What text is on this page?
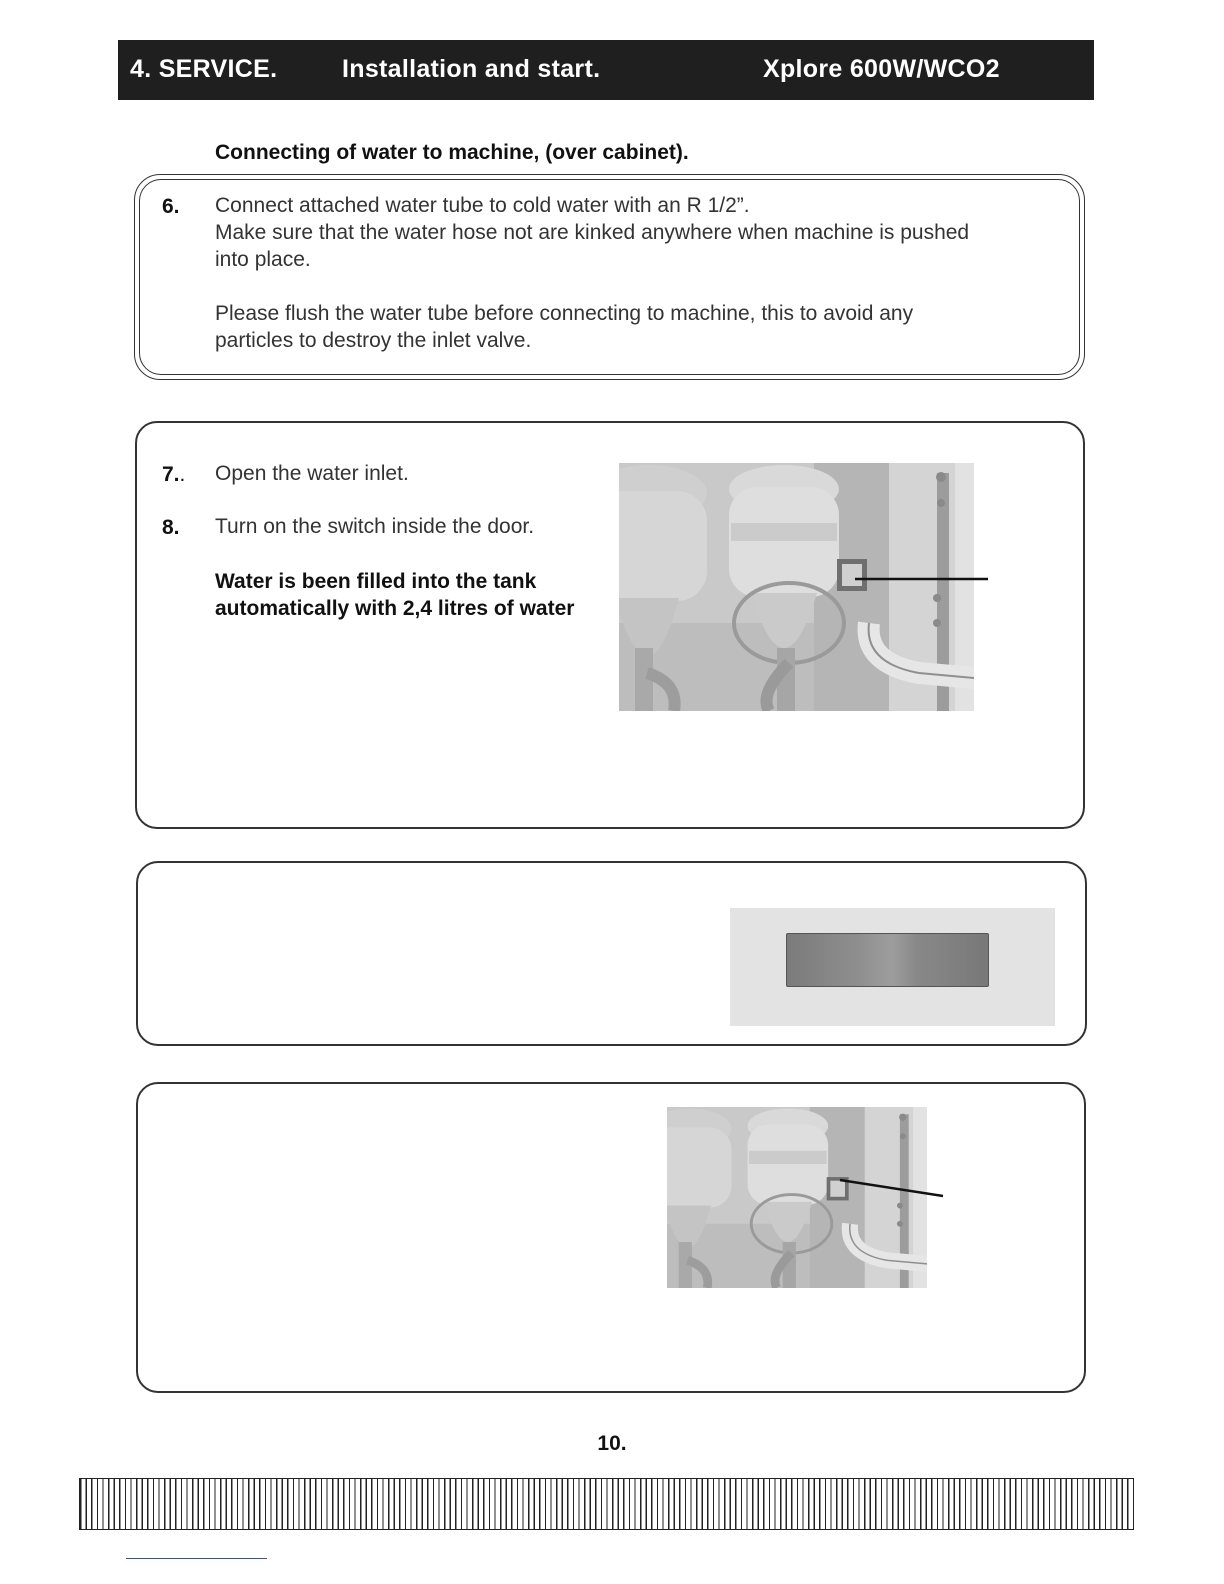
4. SERVICE.	Installation and start.	Xplore 600W/WCO2
Connecting of water to machine, (over cabinet).
6. Connect attached water tube to cold water with an R 1/2”.
Make sure that the water hose not are kinked anywhere when machine is pushed
into place.
Please flush the water tube before connecting to machine, this to avoid any
particles to destroy the inlet valve.
7.. Open the water inlet.
8. Turn on the switch inside the door.
Water is been filled into the tank
automatically with 2,4 litres of water
10.
